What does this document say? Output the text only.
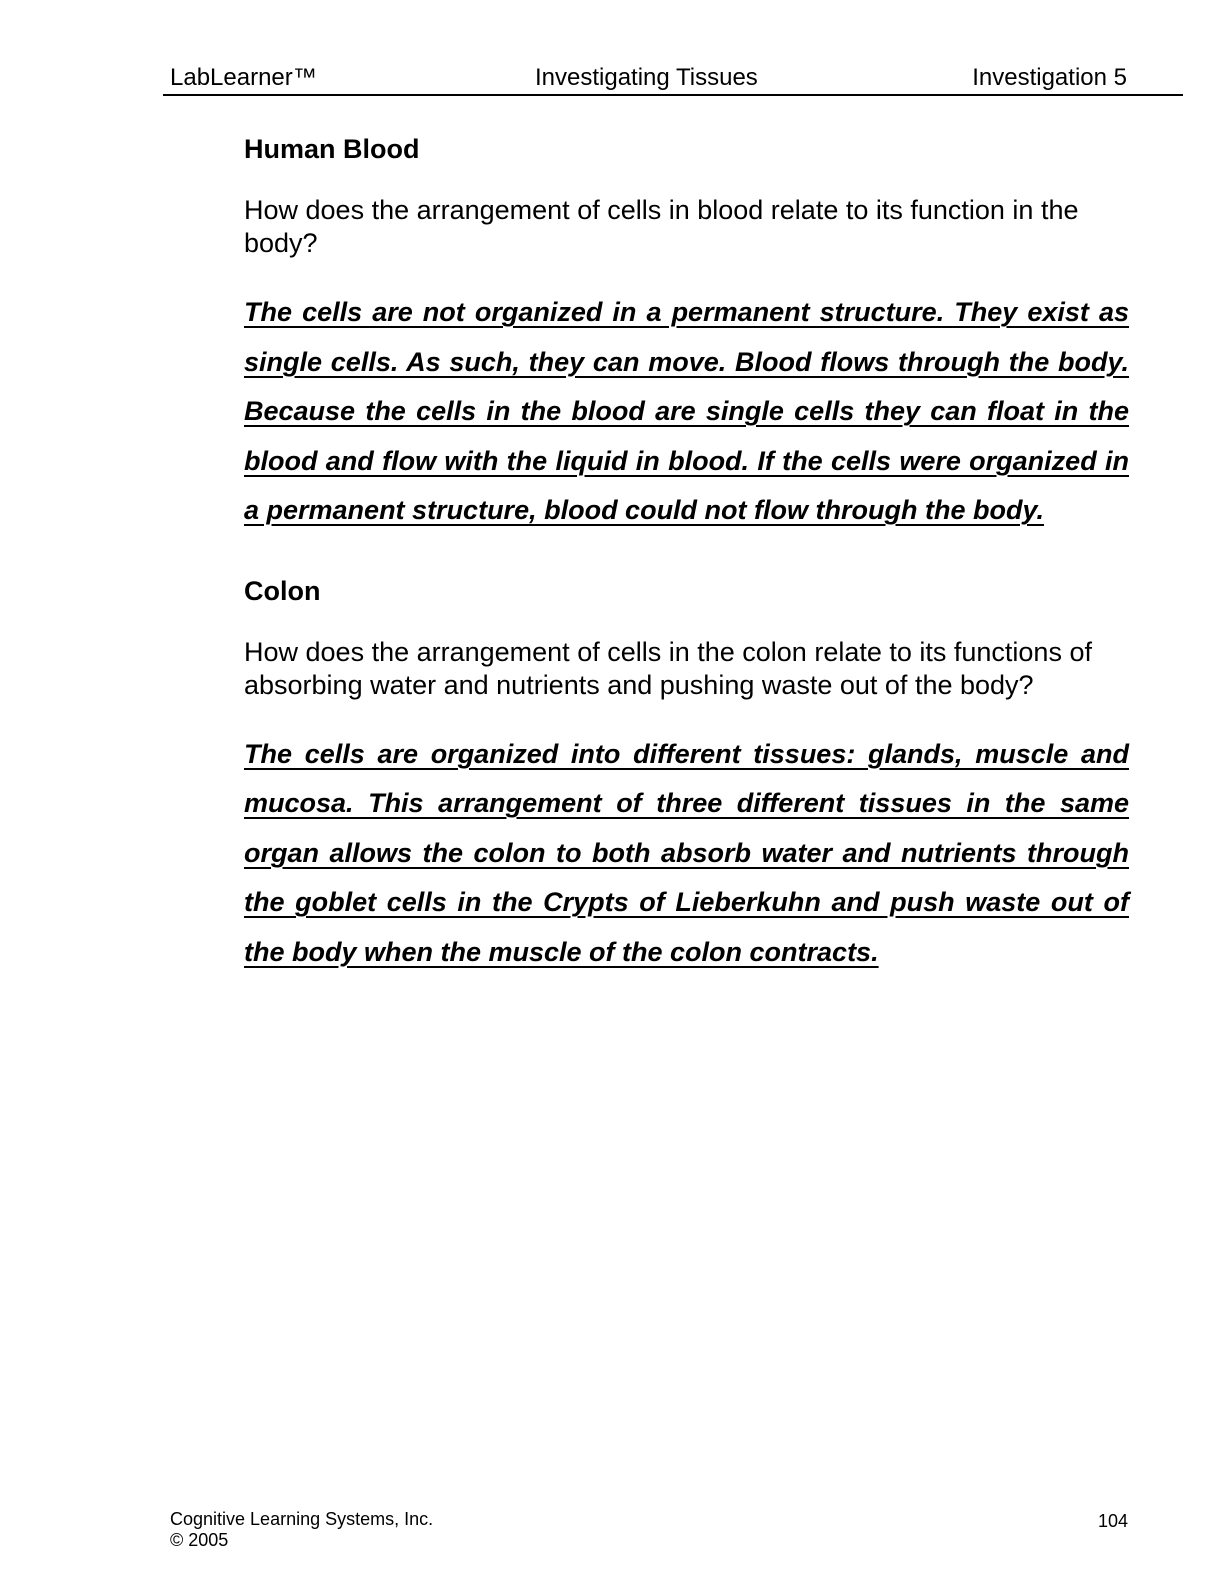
LabLearner™	Investigating Tissues	Investigation 5
Human Blood
How does the arrangement of cells in blood relate to its function in the body?
The cells are not organized in a permanent structure. They exist as single cells. As such, they can move. Blood flows through the body. Because the cells in the blood are single cells they can float in the blood and flow with the liquid in blood. If the cells were organized in a permanent structure, blood could not flow through the body.
Colon
How does the arrangement of cells in the colon relate to its functions of absorbing water and nutrients and pushing waste out of the body?
The cells are organized into different tissues: glands, muscle and mucosa. This arrangement of three different tissues in the same organ allows the colon to both absorb water and nutrients through the goblet cells in the Crypts of Lieberkuhn and push waste out of the body when the muscle of the colon contracts.
Cognitive Learning Systems, Inc.
© 2005
104
